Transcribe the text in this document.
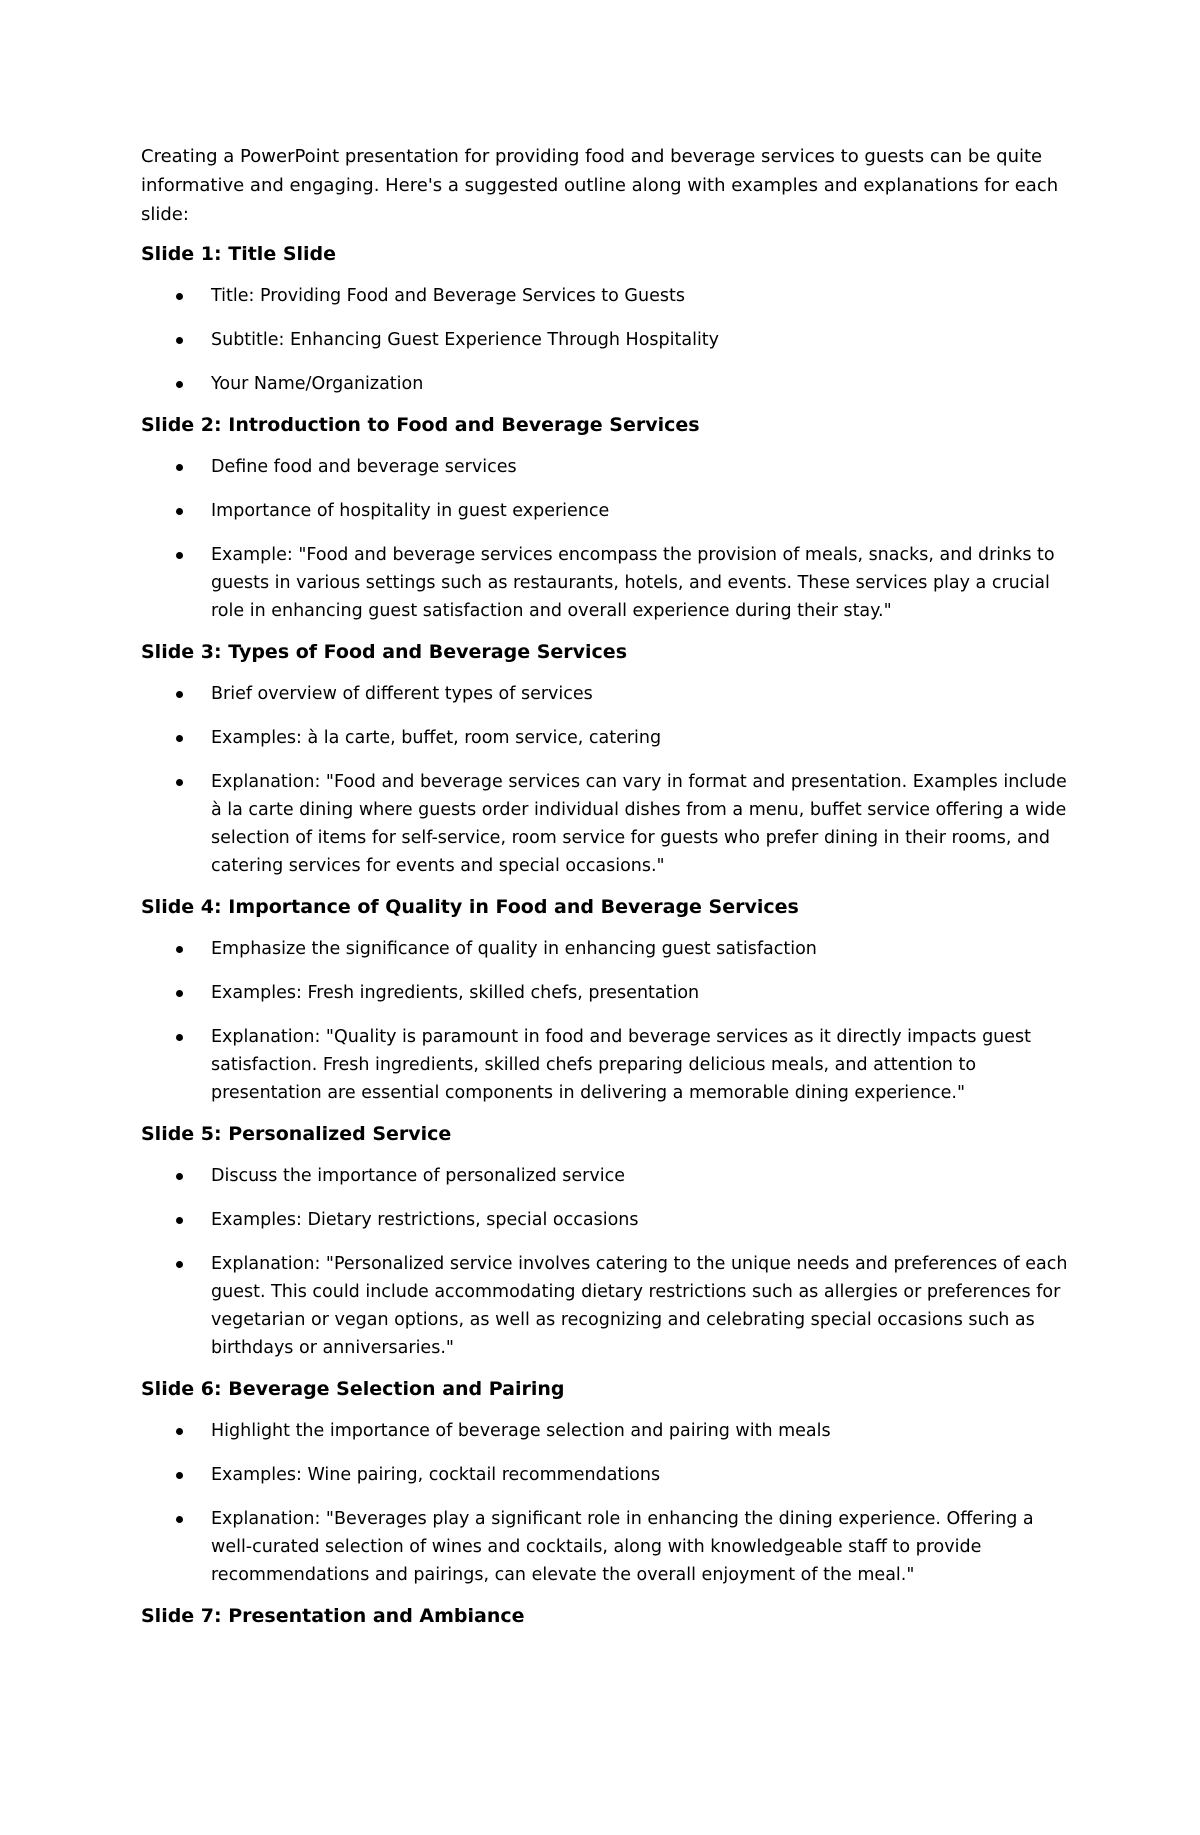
Creating a PowerPoint presentation for providing food and beverage services to guests can be quite informative and engaging. Here's a suggested outline along with examples and explanations for each slide:

Slide 1: Title Slide
Title: Providing Food and Beverage Services to Guests
Subtitle: Enhancing Guest Experience Through Hospitality
Your Name/Organization
Slide 2: Introduction to Food and Beverage Services
Define food and beverage services
Importance of hospitality in guest experience
Example: "Food and beverage services encompass the provision of meals, snacks, and drinks to guests in various settings such as restaurants, hotels, and events. These services play a crucial role in enhancing guest satisfaction and overall experience during their stay."
Slide 3: Types of Food and Beverage Services
Brief overview of different types of services
Examples: à la carte, buffet, room service, catering
Explanation: "Food and beverage services can vary in format and presentation. Examples include à la carte dining where guests order individual dishes from a menu, buffet service offering a wide selection of items for self-service, room service for guests who prefer dining in their rooms, and catering services for events and special occasions."
Slide 4: Importance of Quality in Food and Beverage Services
Emphasize the significance of quality in enhancing guest satisfaction
Examples: Fresh ingredients, skilled chefs, presentation
Explanation: "Quality is paramount in food and beverage services as it directly impacts guest satisfaction. Fresh ingredients, skilled chefs preparing delicious meals, and attention to presentation are essential components in delivering a memorable dining experience."
Slide 5: Personalized Service
Discuss the importance of personalized service
Examples: Dietary restrictions, special occasions
Explanation: "Personalized service involves catering to the unique needs and preferences of each guest. This could include accommodating dietary restrictions such as allergies or preferences for vegetarian or vegan options, as well as recognizing and celebrating special occasions such as birthdays or anniversaries."
Slide 6: Beverage Selection and Pairing
Highlight the importance of beverage selection and pairing with meals
Examples: Wine pairing, cocktail recommendations
Explanation: "Beverages play a significant role in enhancing the dining experience. Offering a well-curated selection of wines and cocktails, along with knowledgeable staff to provide recommendations and pairings, can elevate the overall enjoyment of the meal."
Slide 7: Presentation and Ambiance
